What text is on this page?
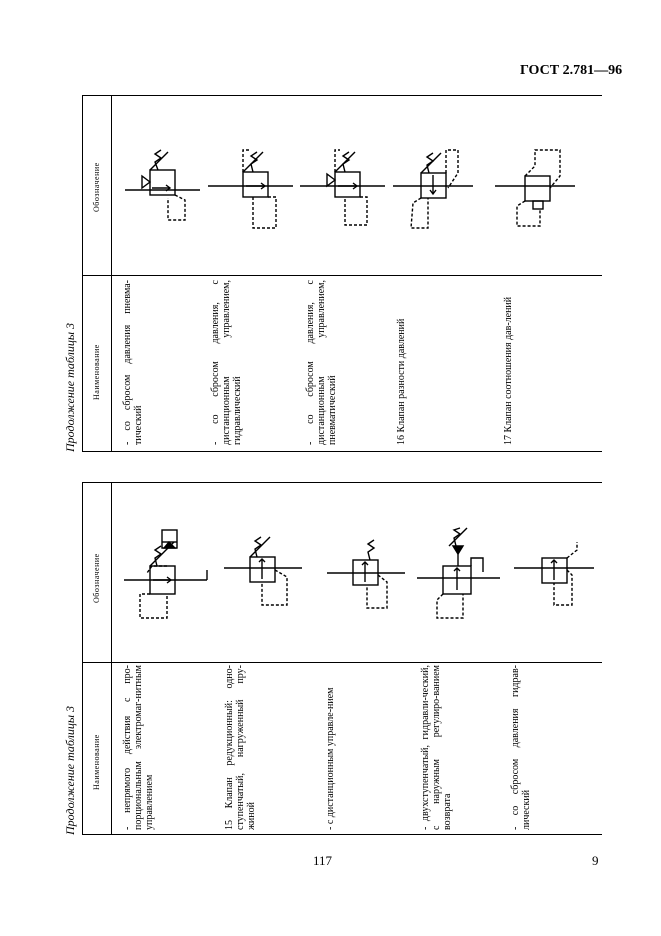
ГОСТ 2.781—96
Продолжение таблицы 3
Обозначение
Наименование - со сбросом давления пневма-тический	- со сбросом давления, с дистанционным управлением, гидравлический	- со сбросом давления, с дистанционным управлением, пневматический	16 Клапан разности давлений	17 Клапан соотношения дав-лений
Продолжение таблицы 3
Обозначение
Наименование - непрямого действия с про-порциональным электромаг-нитным управлением	15 Клапан редукционный: одно-ступенчатый, нагруженный пру-жиной	- с дистанционным управле-нием	- двухступенчатый, гидравли-ческий, с наружным регулиро-ванием возврата	- со сбросом давления гидрав-лический
117	9
